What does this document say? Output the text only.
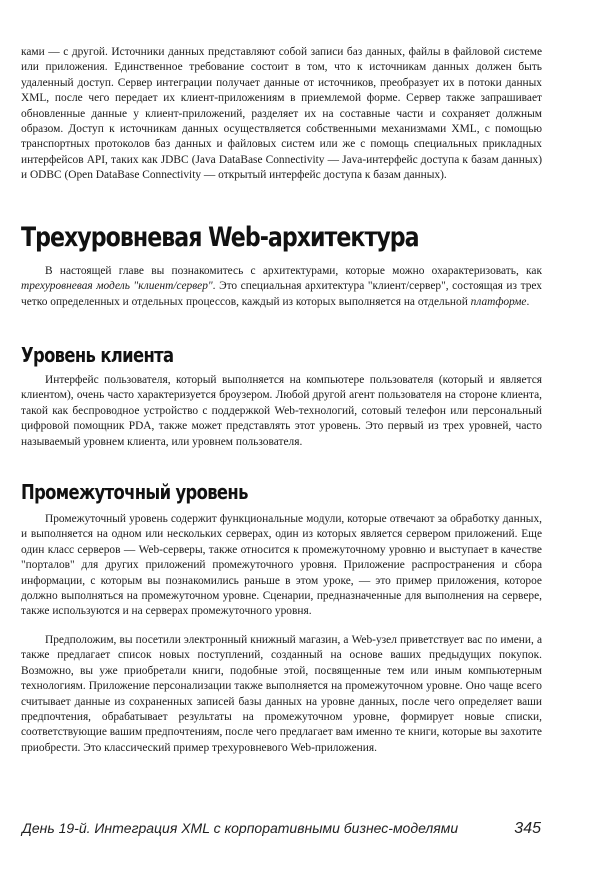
ками — с другой. Источники данных представляют собой записи баз данных, файлы в файловой системе или приложения. Единственное требование состоит в том, что к источникам данных должен быть удаленный доступ. Сервер интеграции получает данные от источников, преобразует их в потоки данных XML, после чего передает их клиент-приложениям в приемлемой форме. Сервер также запрашивает обновленные данные у клиент-приложений, разделяет их на составные части и сохраняет должным образом. Доступ к источникам данных осуществляется собственными механизмами XML, с помощью транспортных протоколов баз данных и файловых систем или же с помощь специальных прикладных интерфейсов API, таких как JDBC (Java DataBase Connectivity — Java-интерфейс доступа к базам данных) и ODBC (Open DataBase Connectivity — открытый интерфейс доступа к базам данных).

Трехуровневая Web-архитектура

В настоящей главе вы познакомитесь с архитектурами, которые можно охарактеризовать, как трехуровневая модель "клиент/сервер". Это специальная архитектура "клиент/сервер", состоящая из трех четко определенных и отдельных процессов, каждый из которых выполняется на отдельной платформе.

Уровень клиента

Интерфейс пользователя, который выполняется на компьютере пользователя (который и является клиентом), очень часто характеризуется броузером. Любой другой агент пользователя на стороне клиента, такой как беспроводное устройство с поддержкой Web-технологий, сотовый телефон или персональный цифровой помощник PDA, также может представлять этот уровень. Это первый из трех уровней, часто называемый уровнем клиента, или уровнем пользователя.

Промежуточный уровень

Промежуточный уровень содержит функциональные модули, которые отвечают за обработку данных, и выполняется на одном или нескольких серверах, один из которых является сервером приложений. Еще один класс серверов — Web-серверы, также относится к промежуточному уровню и выступает в качестве "порталов" для других приложений промежуточного уровня. Приложение распространения и сбора информации, с которым вы познакомились раньше в этом уроке, — это пример приложения, которое должно выполняться на промежуточном уровне. Сценарии, предназначенные для выполнения на сервере, также используются и на серверах промежуточного уровня.

Предположим, вы посетили электронный книжный магазин, а Web-узел приветствует вас по имени, а также предлагает список новых поступлений, созданный на основе ваших предыдущих покупок. Возможно, вы уже приобретали книги, подобные этой, посвященные тем или иным компьютерным технологиям. Приложение персонализации также выполняется на промежуточном уровне. Оно чаще всего считывает данные из сохраненных записей базы данных на уровне данных, после чего определяет ваши предпочтения, обрабатывает результаты на промежуточном уровне, формирует новые списки, соответствующие вашим предпочтениям, после чего предлагает вам именно те книги, которые вы захотите приобрести. Это классический пример трехуровневого Web-приложения.

День 19-й. Интеграция XML с корпоративными бизнес-моделями	345
